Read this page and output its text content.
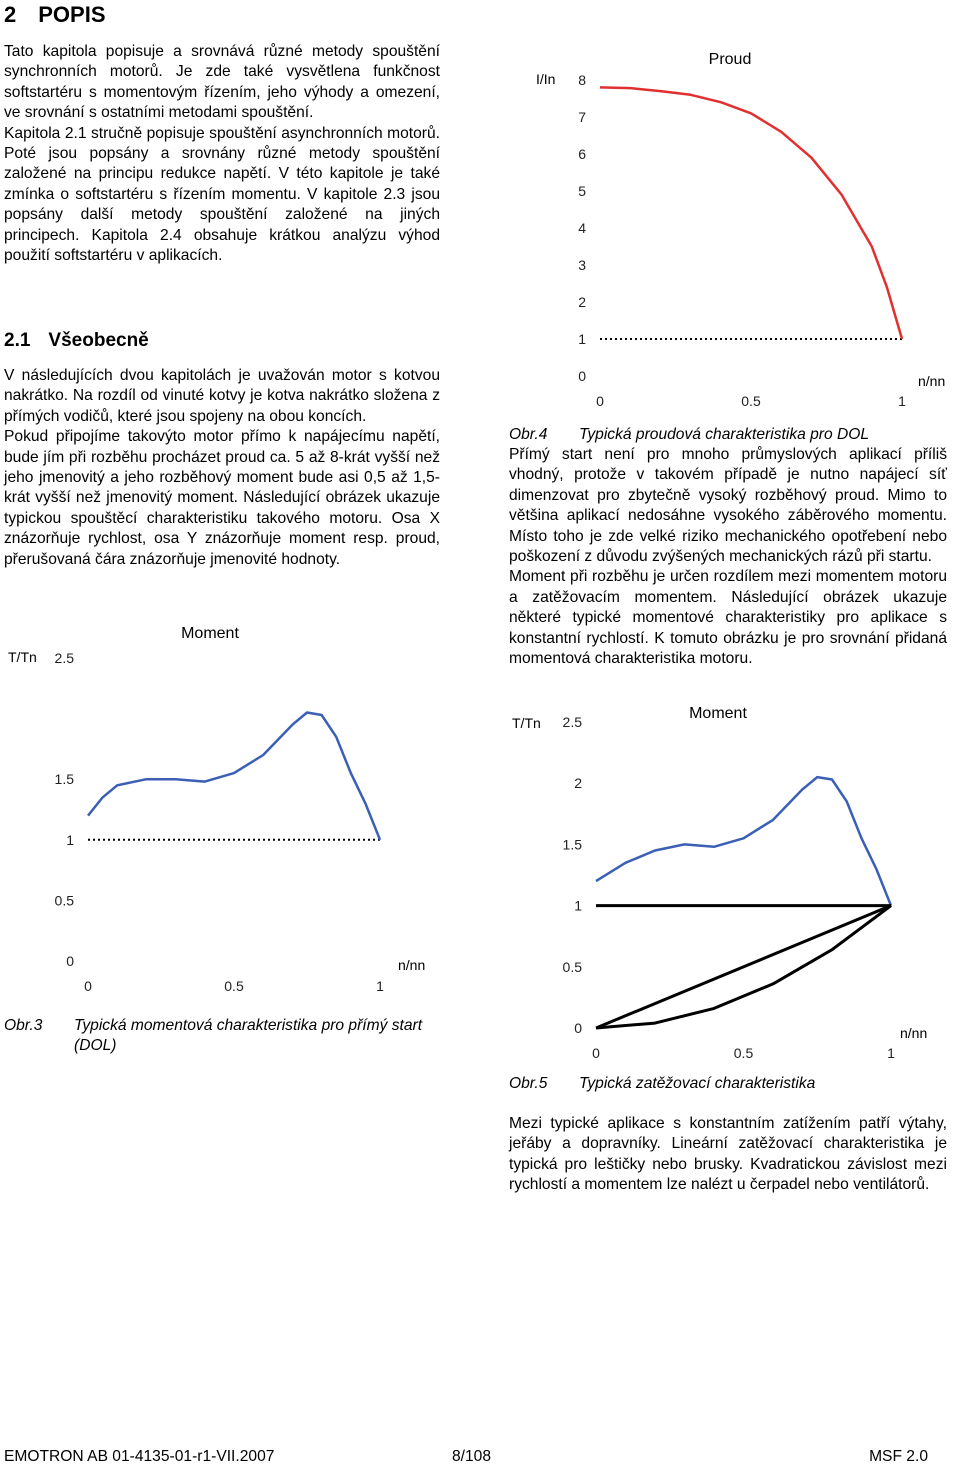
2 POPIS

Tato kapitola popisuje a srovnává různé metody spouštění synchronních motorů. Je zde také vysvětlena funkčnost softstartéru s momentovým řízením, jeho výhody a omezení, ve srovnání s ostatními metodami spouštění.

Kapitola 2.1 stručně popisuje spouštění asynchronních motorů. Poté jsou popsány a srovnány různé metody spouštění založené na principu redukce napětí. V této kapitole je také zmínka o softstartéru s řízením momentu. V kapitole 2.3 jsou popsány další metody spouštění založené na jiných principech. Kapitola 2.4 obsahuje krátkou analýzu výhod použití softstartéru v aplikacích.

2.1 Všeobecně

V následujících dvou kapitolách je uvažován motor s kotvou nakrátko. Na rozdíl od vinuté kotvy je kotva nakrátko složena z přímých vodičů, které jsou spojeny na obou koncích.

Pokud připojíme takovýto motor přímo k napájecímu napětí, bude jím při rozběhu procházet proud ca. 5 až 8-krát vyšší než jeho jmenovitý a jeho rozběhový moment bude asi 0,5 až 1,5-krát vyšší než jmenovitý moment. Následující obrázek ukazuje typickou spouštěcí charakteristiku takového motoru. Osa X znázorňuje rychlost, osa Y znázorňuje moment resp. proud, přerušovaná čára znázorňuje jmenovité hodnoty.

Proud
I/In
n/nn
0
1
2
3
4
5
6
7
8
0	0.5	1
Obr.4 Typická proudová charakteristika pro DOL

Přímý start není pro mnoho průmyslových aplikací příliš vhodný, protože v takovém případě je nutno napájecí síť dimenzovat pro zbytečně vysoký rozběhový proud. Mimo to většina aplikací nedosáhne vysokého záběrového momentu. Místo toho je zde velké riziko mechanického opotřebení nebo poškození z důvodu zvýšených mechanických rázů při startu.

Moment při rozběhu je určen rozdílem mezi momentem motoru a zatěžovacím momentem. Následující obrázek ukazuje některé typické momentové charakteristiky pro aplikace s konstantní rychlostí. K tomuto obrázku je pro srovnání přidaná momentová charakteristika motoru.

Moment
T/Tn
n/nn
0
0.5
1
1.5
2.5
0	0.5	1
Obr.3 Typická momentová charakteristika pro přímý start (DOL)
Moment
T/Tn
n/nn
0
0.5
1
1.5
2
2.5
0	0.5	1
Obr.5 Typická zatěžovací charakteristika

Mezi typické aplikace s konstantním zatížením patří výtahy, jeřáby a dopravníky. Lineární zatěžovací charakteristika je typická pro leštičky nebo brusky. Kvadratickou závislost mezi rychlostí a momentem lze nalézt u čerpadel nebo ventilátorů.

EMOTRON AB 01-4135-01-r1-VII.2007	8/108	MSF 2.0
